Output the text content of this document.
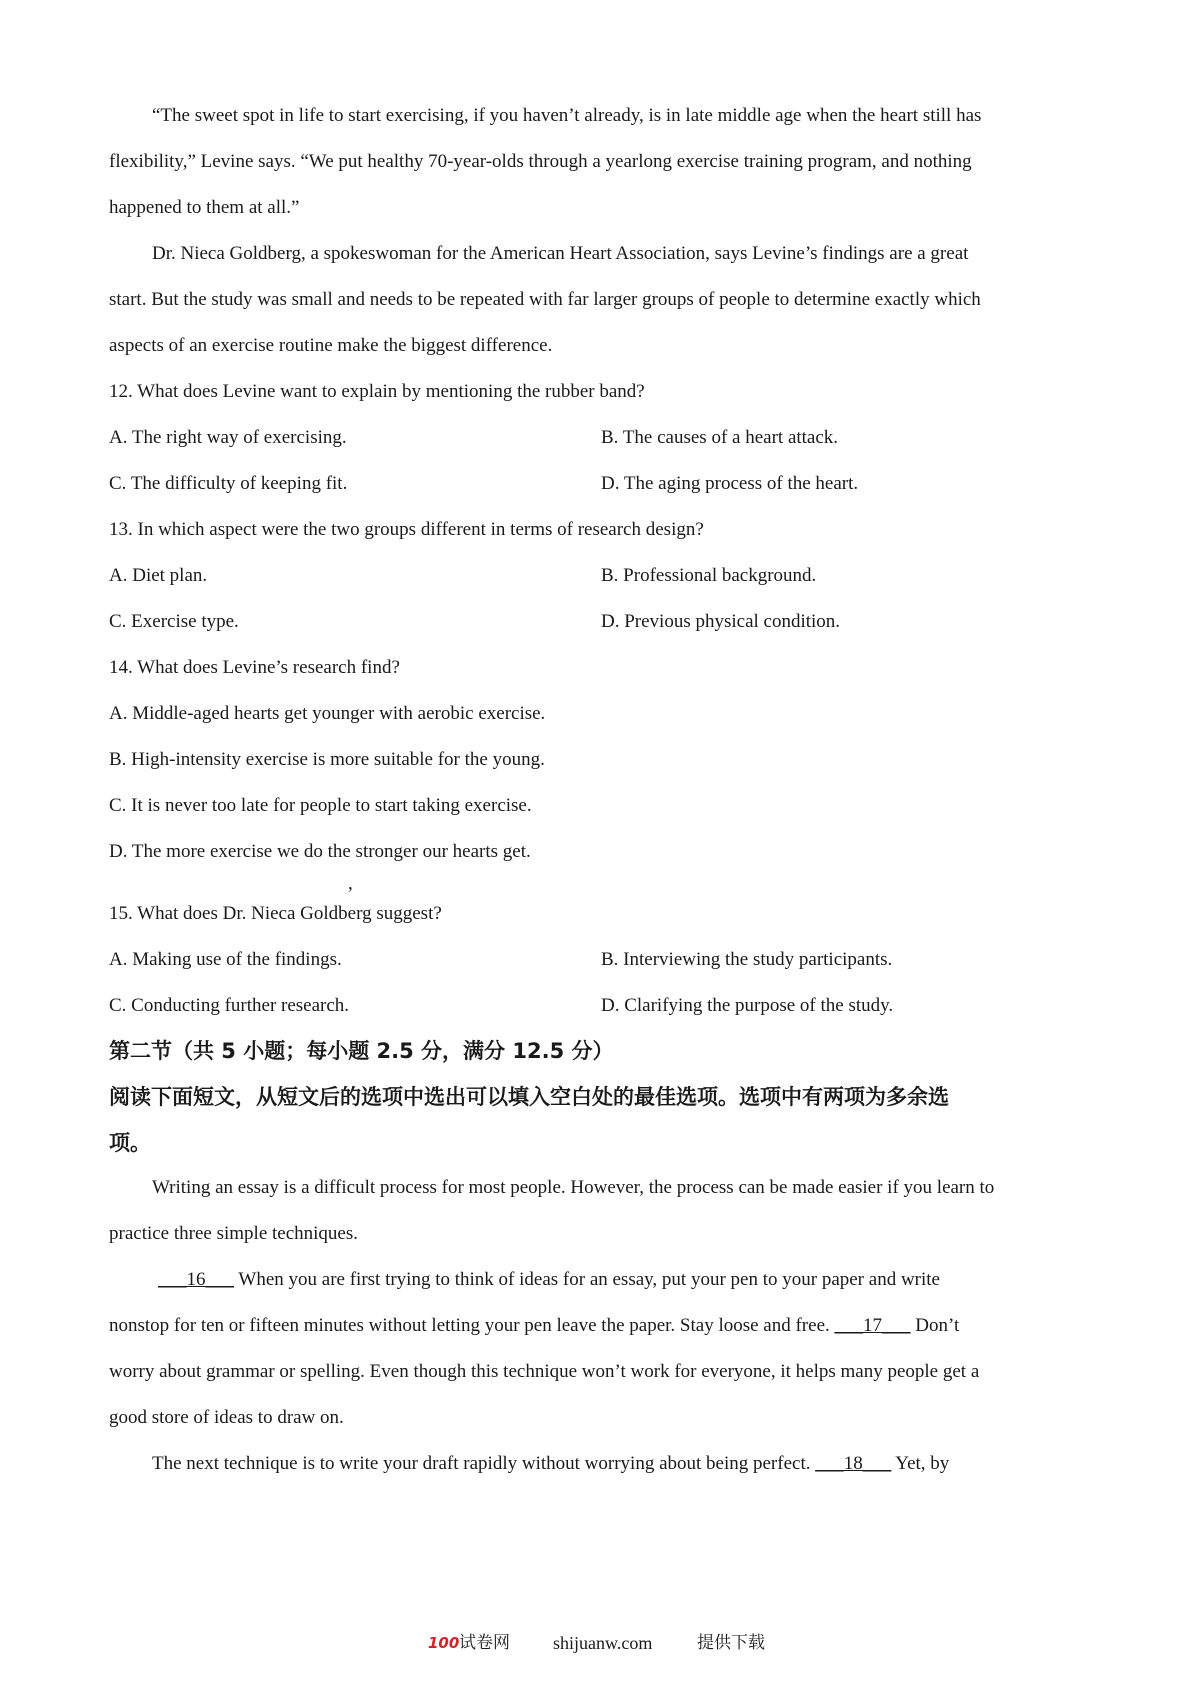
“The sweet spot in life to start exercising, if you haven’t already, is in late middle age when the heart still has

flexibility,” Levine says. “We put healthy 70-year-olds through a yearlong exercise training program, and nothing

happened to them at all.”

Dr. Nieca Goldberg, a spokeswoman for the American Heart Association, says Levine’s findings are a great

start. But the study was small and needs to be repeated with far larger groups of people to determine exactly which

aspects of an exercise routine make the biggest difference.

12. What does Levine want to explain by mentioning the rubber band?

A. The right way of exercising.	B. The causes of a heart attack.

C. The difficulty of keeping fit.	D. The aging process of the heart.

13. In which aspect were the two groups different in terms of research design?

A. Diet plan.	B. Professional background.

C. Exercise type.	D. Previous physical condition.

14. What does Levine’s research find?

A. Middle-aged hearts get younger with aerobic exercise.

B. High-intensity exercise is more suitable for the young.

C. It is never too late for people to start taking exercise.

D. The more exercise we do the stronger our hearts get.

,

15. What does Dr. Nieca Goldberg suggest?

A. Making use of the findings.	B. Interviewing the study participants.

C. Conducting further research.	D. Clarifying the purpose of the study.

第二节（共 5 小题；每小题 2.5 分，满分 12.5 分）

阅读下面短文，从短文后的选项中选出可以填入空白处的最佳选项。选项中有两项为多余选

项。

Writing an essay is a difficult process for most people. However, the process can be made easier if you learn to

practice three simple techniques.

___16___ When you are first trying to think of ideas for an essay, put your pen to your paper and write

nonstop for ten or fifteen minutes without letting your pen leave the paper. Stay loose and free. ___17___ Don’t

worry about grammar or spelling. Even though this technique won’t work for everyone, it helps many people get a

good store of ideas to draw on.

The next technique is to write your draft rapidly without worrying about being perfect. ___18___ Yet, by

100 试卷网 shijuanw.com	提供下载
